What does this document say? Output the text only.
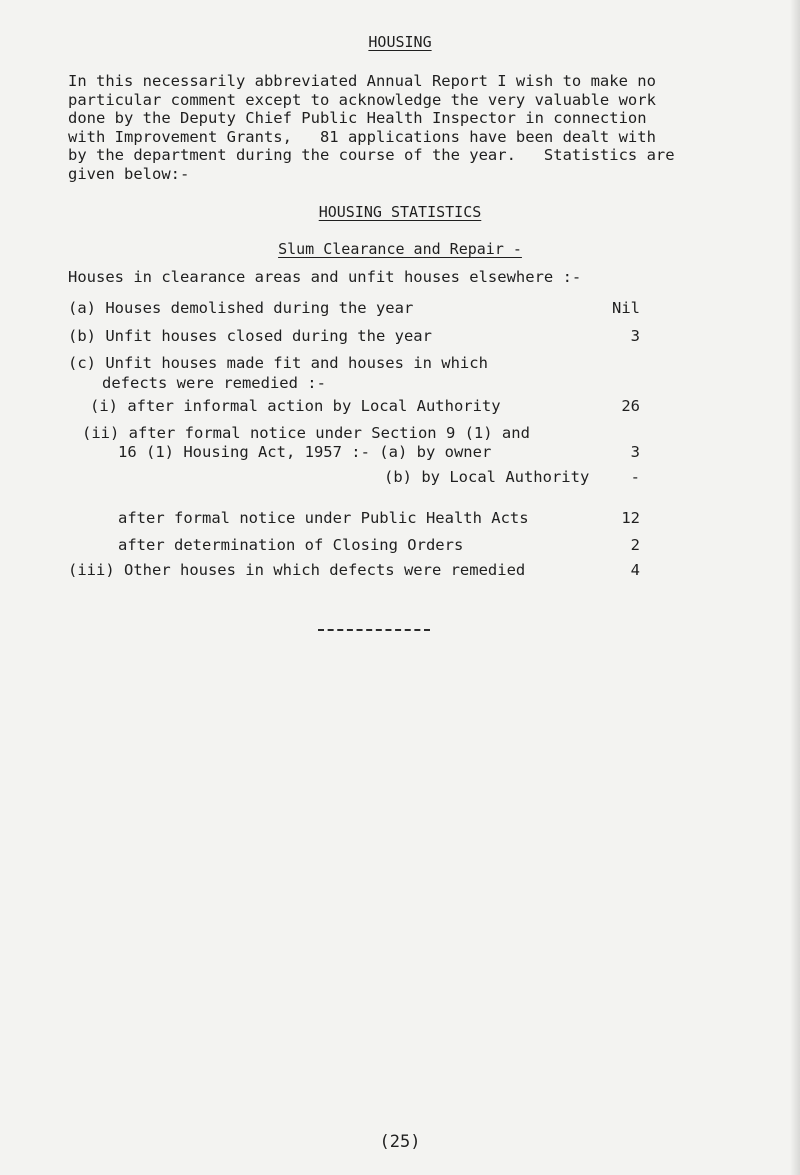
HOUSING
In this necessarily abbreviated Annual Report I wish to make no
particular comment except to acknowledge the very valuable work
done by the Deputy Chief Public Health Inspector in connection
with Improvement Grants,   81 applications have been dealt with
by the department during the course of the year.   Statistics are
given below:-
HOUSING STATISTICS
Slum Clearance and Repair -
Houses in clearance areas and unfit houses elsewhere :-
(a) Houses demolished during the year	Nil
(b) Unfit houses closed during the year	3
(c) Unfit houses made fit and houses in which
defects were remedied :-
(i) after informal action by Local Authority	26
(ii) after formal notice under Section 9 (1) and
16 (1) Housing Act, 1957 :- (a) by owner	3
(b) by Local Authority	-
after formal notice under Public Health Acts	12
after determination of Closing Orders	2
(iii) Other houses in which defects were remedied	4
(25)
